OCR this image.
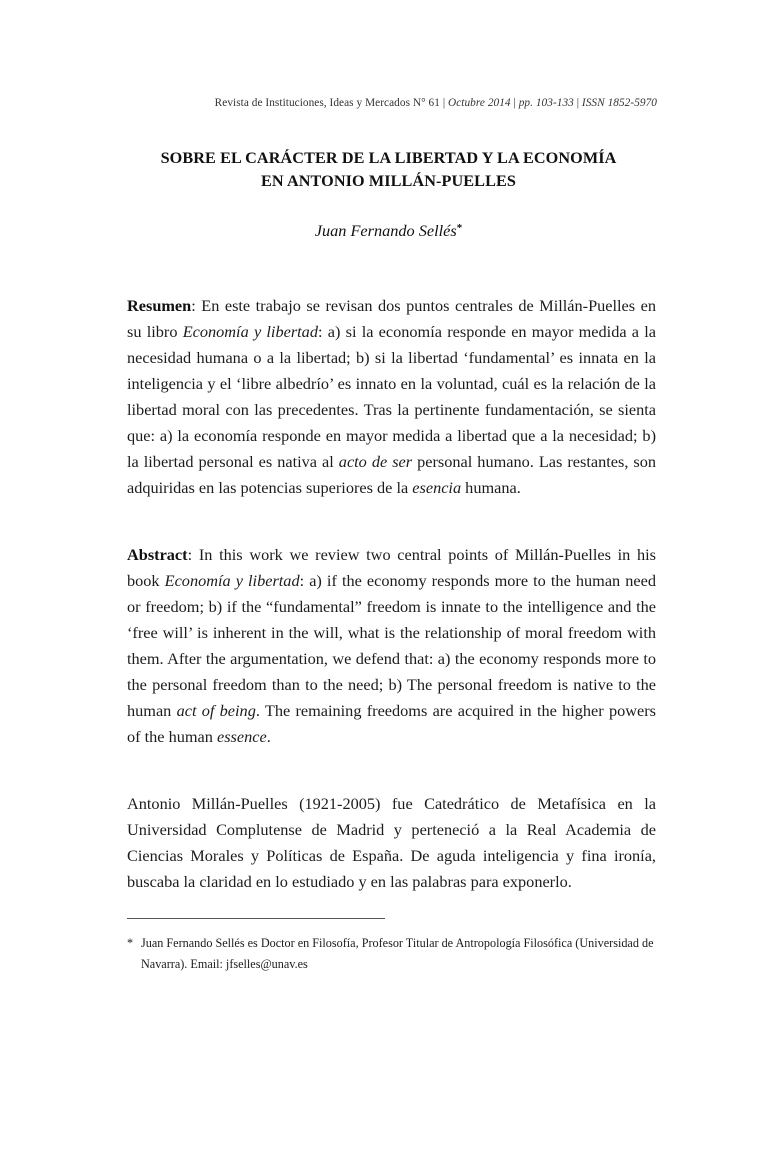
Revista de Instituciones, Ideas y Mercados N° 61 | Octubre 2014 | pp. 103-133 | ISSN 1852-5970
SOBRE EL CARÁCTER DE LA LIBERTAD Y LA ECONOMÍA
EN ANTONIO MILLÁN-PUELLES
Juan Fernando Sellés*
Resumen: En este trabajo se revisan dos puntos centrales de Millán-Puelles en su libro Economía y libertad: a) si la economía responde en mayor medida a la necesidad humana o a la libertad; b) si la libertad ‘fundamental’ es innata en la inteligencia y el ‘libre albedrío’ es innato en la voluntad, cuál es la relación de la libertad moral con las precedentes. Tras la pertinente fundamentación, se sienta que: a) la economía responde en mayor medida a libertad que a la necesidad; b) la libertad personal es nativa al acto de ser personal humano. Las restantes, son adquiridas en las potencias superiores de la esencia humana.
Abstract: In this work we review two central points of Millán-Puelles in his book Economía y libertad: a) if the economy responds more to the human need or freedom; b) if the “fundamental” freedom is innate to the intelligence and the ‘free will’ is inherent in the will, what is the relationship of moral freedom with them. After the argumentation, we defend that: a) the economy responds more to the personal freedom than to the need; b) The personal freedom is native to the human act of being. The remaining freedoms are acquired in the higher powers of the human essence.
Antonio Millán-Puelles (1921-2005) fue Catedrático de Metafísica en la Universidad Complutense de Madrid y perteneció a la Real Academia de Ciencias Morales y Políticas de España. De aguda inteligencia y fina ironía, buscaba la claridad en lo estudiado y en las palabras para exponerlo.
* Juan Fernando Sellés es Doctor en Filosofía, Profesor Titular de Antropología Filosófica (Universidad de Navarra). Email: jfselles@unav.es
